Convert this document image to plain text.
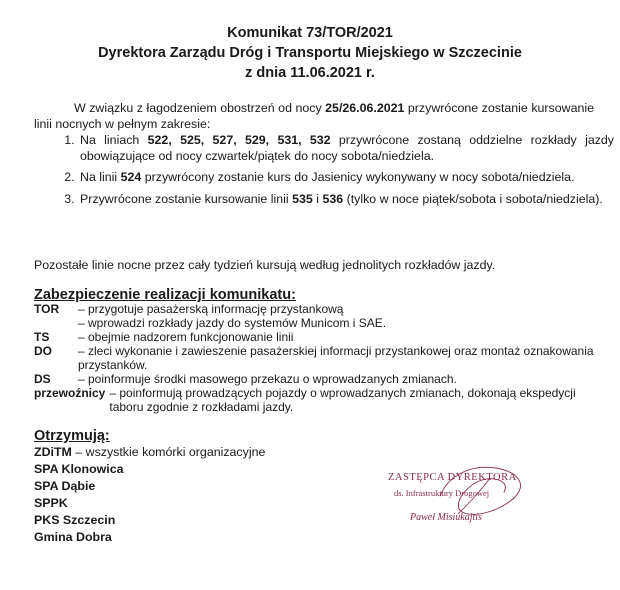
Komunikat 73/TOR/2021
Dyrektora Zarządu Dróg i Transportu Miejskiego w Szczecinie
z dnia 11.06.2021 r.

W związku z łagodzeniem obostrzeń od nocy 25/26.06.2021 przywrócone zostanie kursowanie linii nocnych w pełnym zakresie:

1. Na liniach 522, 525, 527, 529, 531, 532 przywrócone zostaną oddzielne rozkłady jazdy obowiązujące od nocy czwartek/piątek do nocy sobota/niedziela.
2. Na linii 524 przywrócony zostanie kurs do Jasienicy wykonywany w nocy sobota/niedziela.
3. Przywrócone zostanie kursowanie linii 535 i 536 (tylko w noce piątek/sobota i sobota/niedziela).

Pozostałe linie nocne przez cały tydzień kursują według jednolitych rozkładów jazdy.

Zabezpieczenie realizacji komunikatu:
TOR	– przygotuje pasażerską informację przystankową
– wprowadzi rozkłady jazdy do systemów Municom i SAE.
TS	– obejmie nadzorem funkcjonowanie linii
DO	– zleci wykonanie i zawieszenie pasażerskiej informacji przystankowej oraz montaż oznakowania przystanków.
DS	– poinformuje środki masowego przekazu o wprowadzanych zmianach.
przewoźnicy – poinformują prowadzących pojazdy o wprowadzanych zmianach, dokonają ekspedycji taboru zgodnie z rozkładami jazdy.
Otrzymują:
ZDiTM – wszystkie komórki organizacyjne
SPA Klonowica
SPA Dąbie
SPPK
PKS Szczecin
Gmina Dobra
ZASTĘPCA DYREKTORA
ds. Infrastruktury Drogowej
Paweł Misiukajtis
